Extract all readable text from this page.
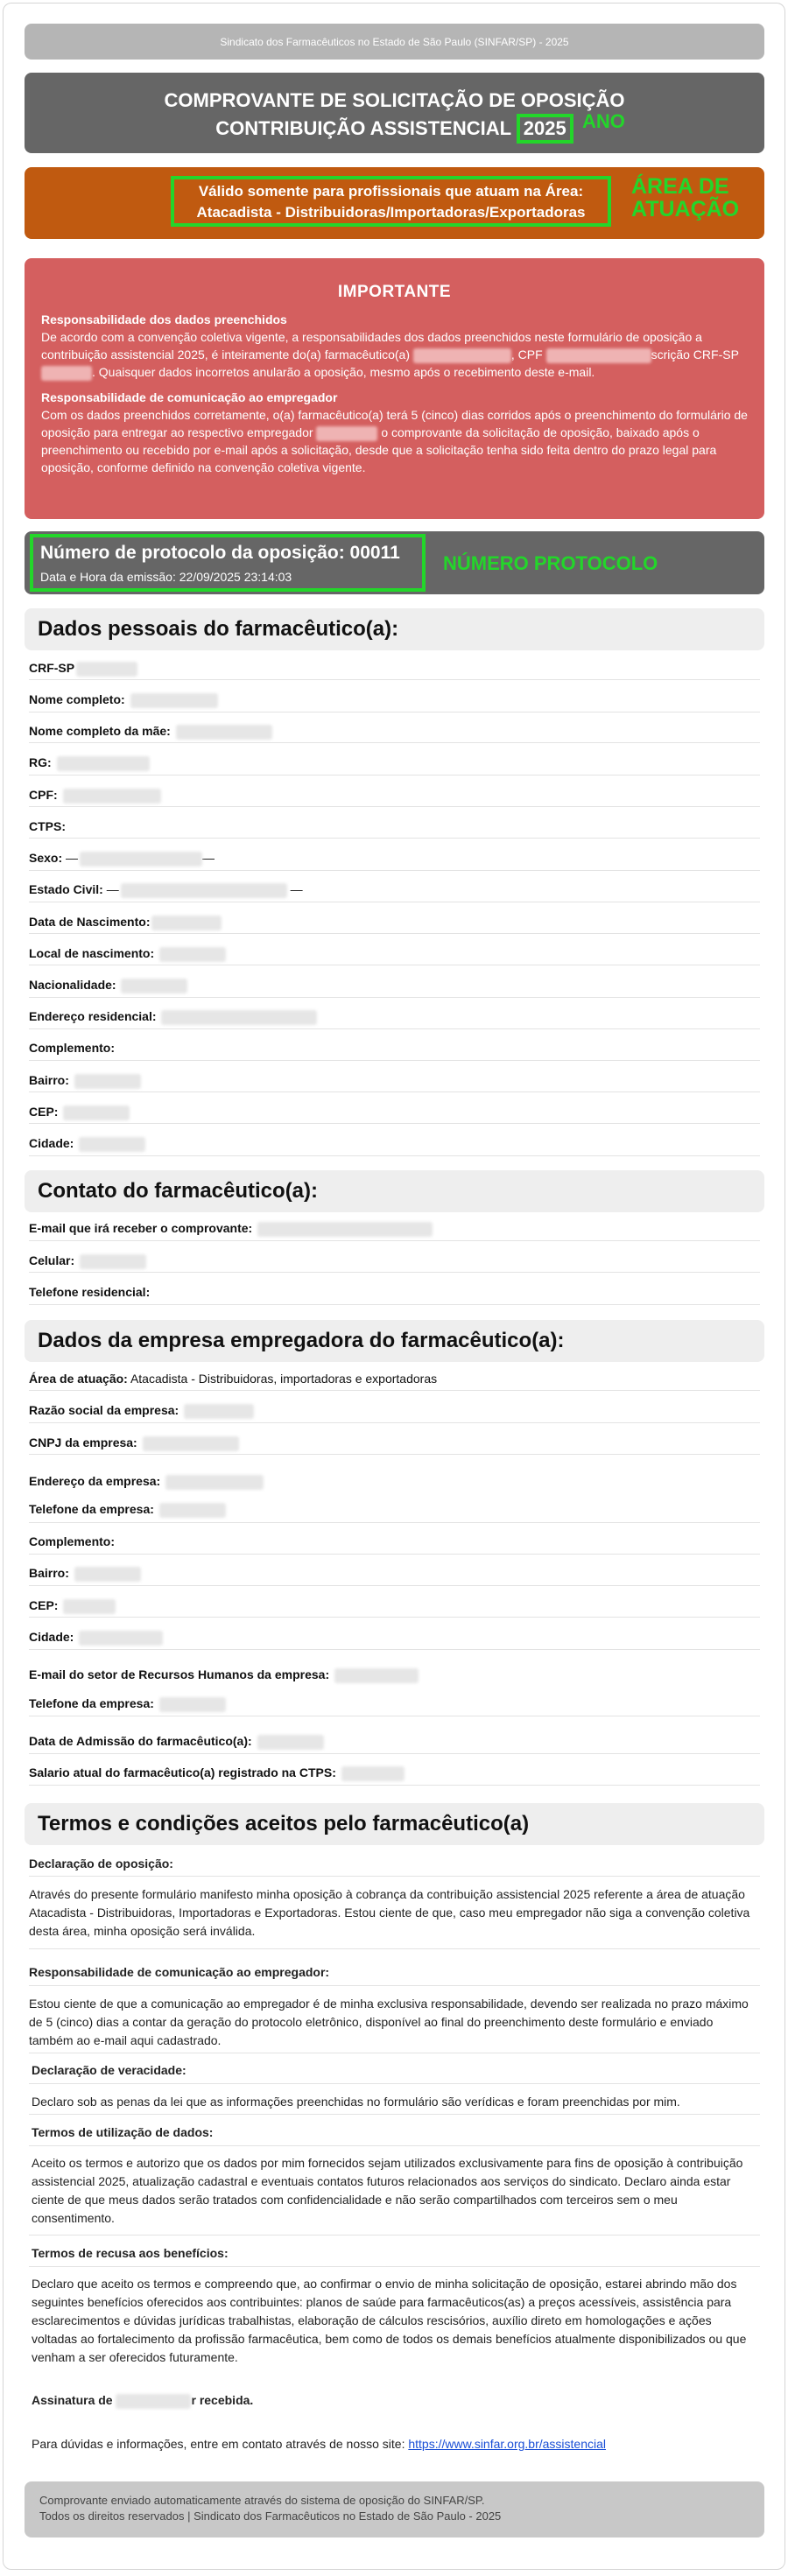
Sindicato dos Farmacêuticos no Estado de São Paulo (SINFAR/SP) - 2025
COMPROVANTE DE SOLICITAÇÃO DE OPOSIÇÃO
CONTRIBUIÇÃO ASSISTENCIAL 2025 ANO
Válido somente para profissionais que atuam na Área:
Atacadista - Distribuidoras/Importadoras/Exportadoras
ÁREA DE
ATUAÇÃO
IMPORTANTE
Responsabilidade dos dados preenchidos

De acordo com a convenção coletiva vigente, a responsabilidades dos dados preenchidos neste formulário de oposição a contribuição assistencial 2025, é inteiramente do(a) farmacêutico(a)	, CPF	scrição CRF-SP . Quaisquer dados incorretos anularão a oposição, mesmo após o recebimento deste e-mail.

Responsabilidade de comunicação ao empregador

Com os dados preenchidos corretamente, o(a) farmacêutico(a) terá 5 (cinco) dias corridos após o preenchimento do formulário de oposição para entregar ao respectivo empregador	o comprovante da solicitação de oposição, baixado após o preenchimento ou recebido por e-mail após a solicitação, desde que a solicitação tenha sido feita dentro do prazo legal para oposição, conforme definido na convenção coletiva vigente.

Número de protocolo da oposição: 00011
Data e Hora da emissão: 22/09/2025 23:14:03
NÚMERO PROTOCOLO
Dados pessoais do farmacêutico(a):
CRF-SP
Nome completo:
Nome completo da mãe:
RG:
CPF:
CTPS:
Sexo: —	—
Estado Civil: —	—
Data de Nascimento:
Local de nascimento:
Nacionalidade:
Endereço residencial:
Complemento:
Bairro:
CEP:
Cidade:
Contato do farmacêutico(a):
E-mail que irá receber o comprovante:
Celular:
Telefone residencial:
Dados da empresa empregadora do farmacêutico(a):
Área de atuação: Atacadista - Distribuidoras, importadoras e exportadoras
Razão social da empresa:
CNPJ da empresa:
Endereço da empresa:
Telefone da empresa:
Complemento:
Bairro:
CEP:
Cidade:
E-mail do setor de Recursos Humanos da empresa:
Telefone da empresa:
Data de Admissão do farmacêutico(a):
Salario atual do farmacêutico(a) registrado na CTPS:
Termos e condições aceitos pelo farmacêutico(a)
Declaração de oposição:
Através do presente formulário manifesto minha oposição à cobrança da contribuição assistencial 2025 referente a área de atuação Atacadista - Distribuidoras, Importadoras e Exportadoras. Estou ciente de que, caso meu empregador não siga a convenção coletiva desta área, minha oposição será inválida.
Responsabilidade de comunicação ao empregador:
Estou ciente de que a comunicação ao empregador é de minha exclusiva responsabilidade, devendo ser realizada no prazo máximo de 5 (cinco) dias a contar da geração do protocolo eletrônico, disponível ao final do preenchimento deste formulário e enviado também ao e-mail aqui cadastrado.
Declaração de veracidade:
Declaro sob as penas da lei que as informações preenchidas no formulário são verídicas e foram preenchidas por mim.
Termos de utilização de dados:
Aceito os termos e autorizo que os dados por mim fornecidos sejam utilizados exclusivamente para fins de oposição à contribuição assistencial 2025, atualização cadastral e eventuais contatos futuros relacionados aos serviços do sindicato. Declaro ainda estar ciente de que meus dados serão tratados com confidencialidade e não serão compartilhados com terceiros sem o meu consentimento.
Termos de recusa aos benefícios:
Declaro que aceito os termos e compreendo que, ao confirmar o envio de minha solicitação de oposição, estarei abrindo mão dos seguintes benefícios oferecidos aos contribuintes: planos de saúde para farmacêuticos(as) a preços acessíveis, assistência para esclarecimentos e dúvidas jurídicas trabalhistas, elaboração de cálculos rescisórios, auxílio direto em homologações e ações voltadas ao fortalecimento da profissão farmacêutica, bem como de todos os demais benefícios atualmente disponibilizados ou que venham a ser oferecidos futuramente.
Assinatura de	r recebida.
Para dúvidas e informações, entre em contato através de nosso site: https://www.sinfar.org.br/assistencial
Comprovante enviado automaticamente através do sistema de oposição do SINFAR/SP.
Todos os direitos reservados | Sindicato dos Farmacêuticos no Estado de São Paulo - 2025
